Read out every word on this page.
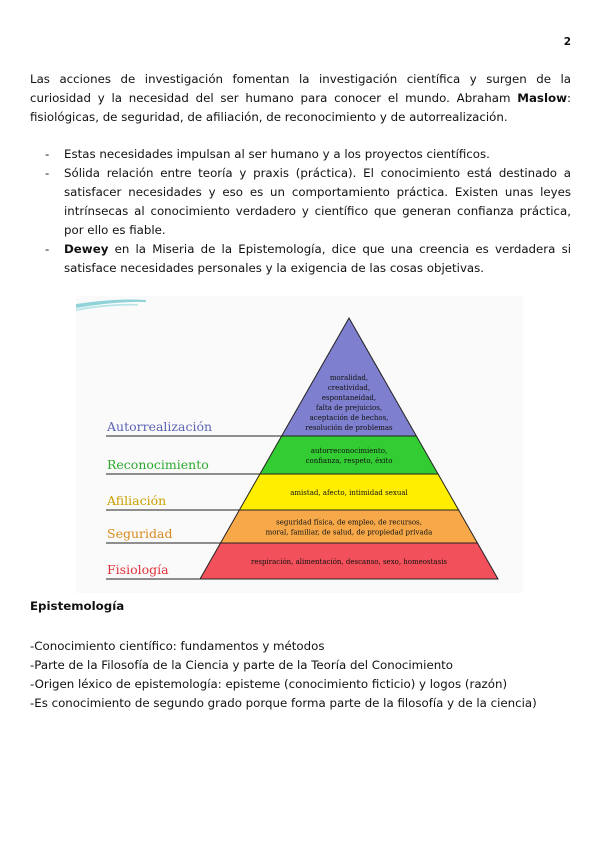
2

Las acciones de investigación fomentan la investigación científica y surgen de la curiosidad y la necesidad del ser humano para conocer el mundo. Abraham Maslow: fisiológicas, de seguridad, de afiliación, de reconocimiento y de autorrealización.

- Estas necesidades impulsan al ser humano y a los proyectos científicos.
- Sólida relación entre teoría y praxis (práctica). El conocimiento está destinado a satisfacer necesidades y eso es un comportamiento práctica. Existen unas leyes intrínsecas al conocimiento verdadero y científico que generan confianza práctica, por ello es fiable.
- Dewey en la Miseria de la Epistemología, dice que una creencia es verdadera si satisface necesidades personales y la exigencia de las cosas objetivas.
Autorrealización
moralidad,
creatividad,
espontaneidad,
falta de prejuicios,
aceptación de hechos,
resolución de problemas
Reconocimiento
autorreconocimiento,
confianza, respeto, éxito
Afiliación	amistad, afecto, intimidad sexual
Seguridad
seguridad física, de empleo, de recursos,
moral, familiar, de salud, de propiedad privada
Fisiología	respiración, alimentación, descanso, sexo, homeostasis

Epistemología

-Conocimiento científico: fundamentos y métodos
-Parte de la Filosofía de la Ciencia y parte de la Teoría del Conocimiento
-Origen léxico de epistemología: episteme (conocimiento ficticio) y logos (razón)
-Es conocimiento de segundo grado porque forma parte de la filosofía y de la ciencia)
